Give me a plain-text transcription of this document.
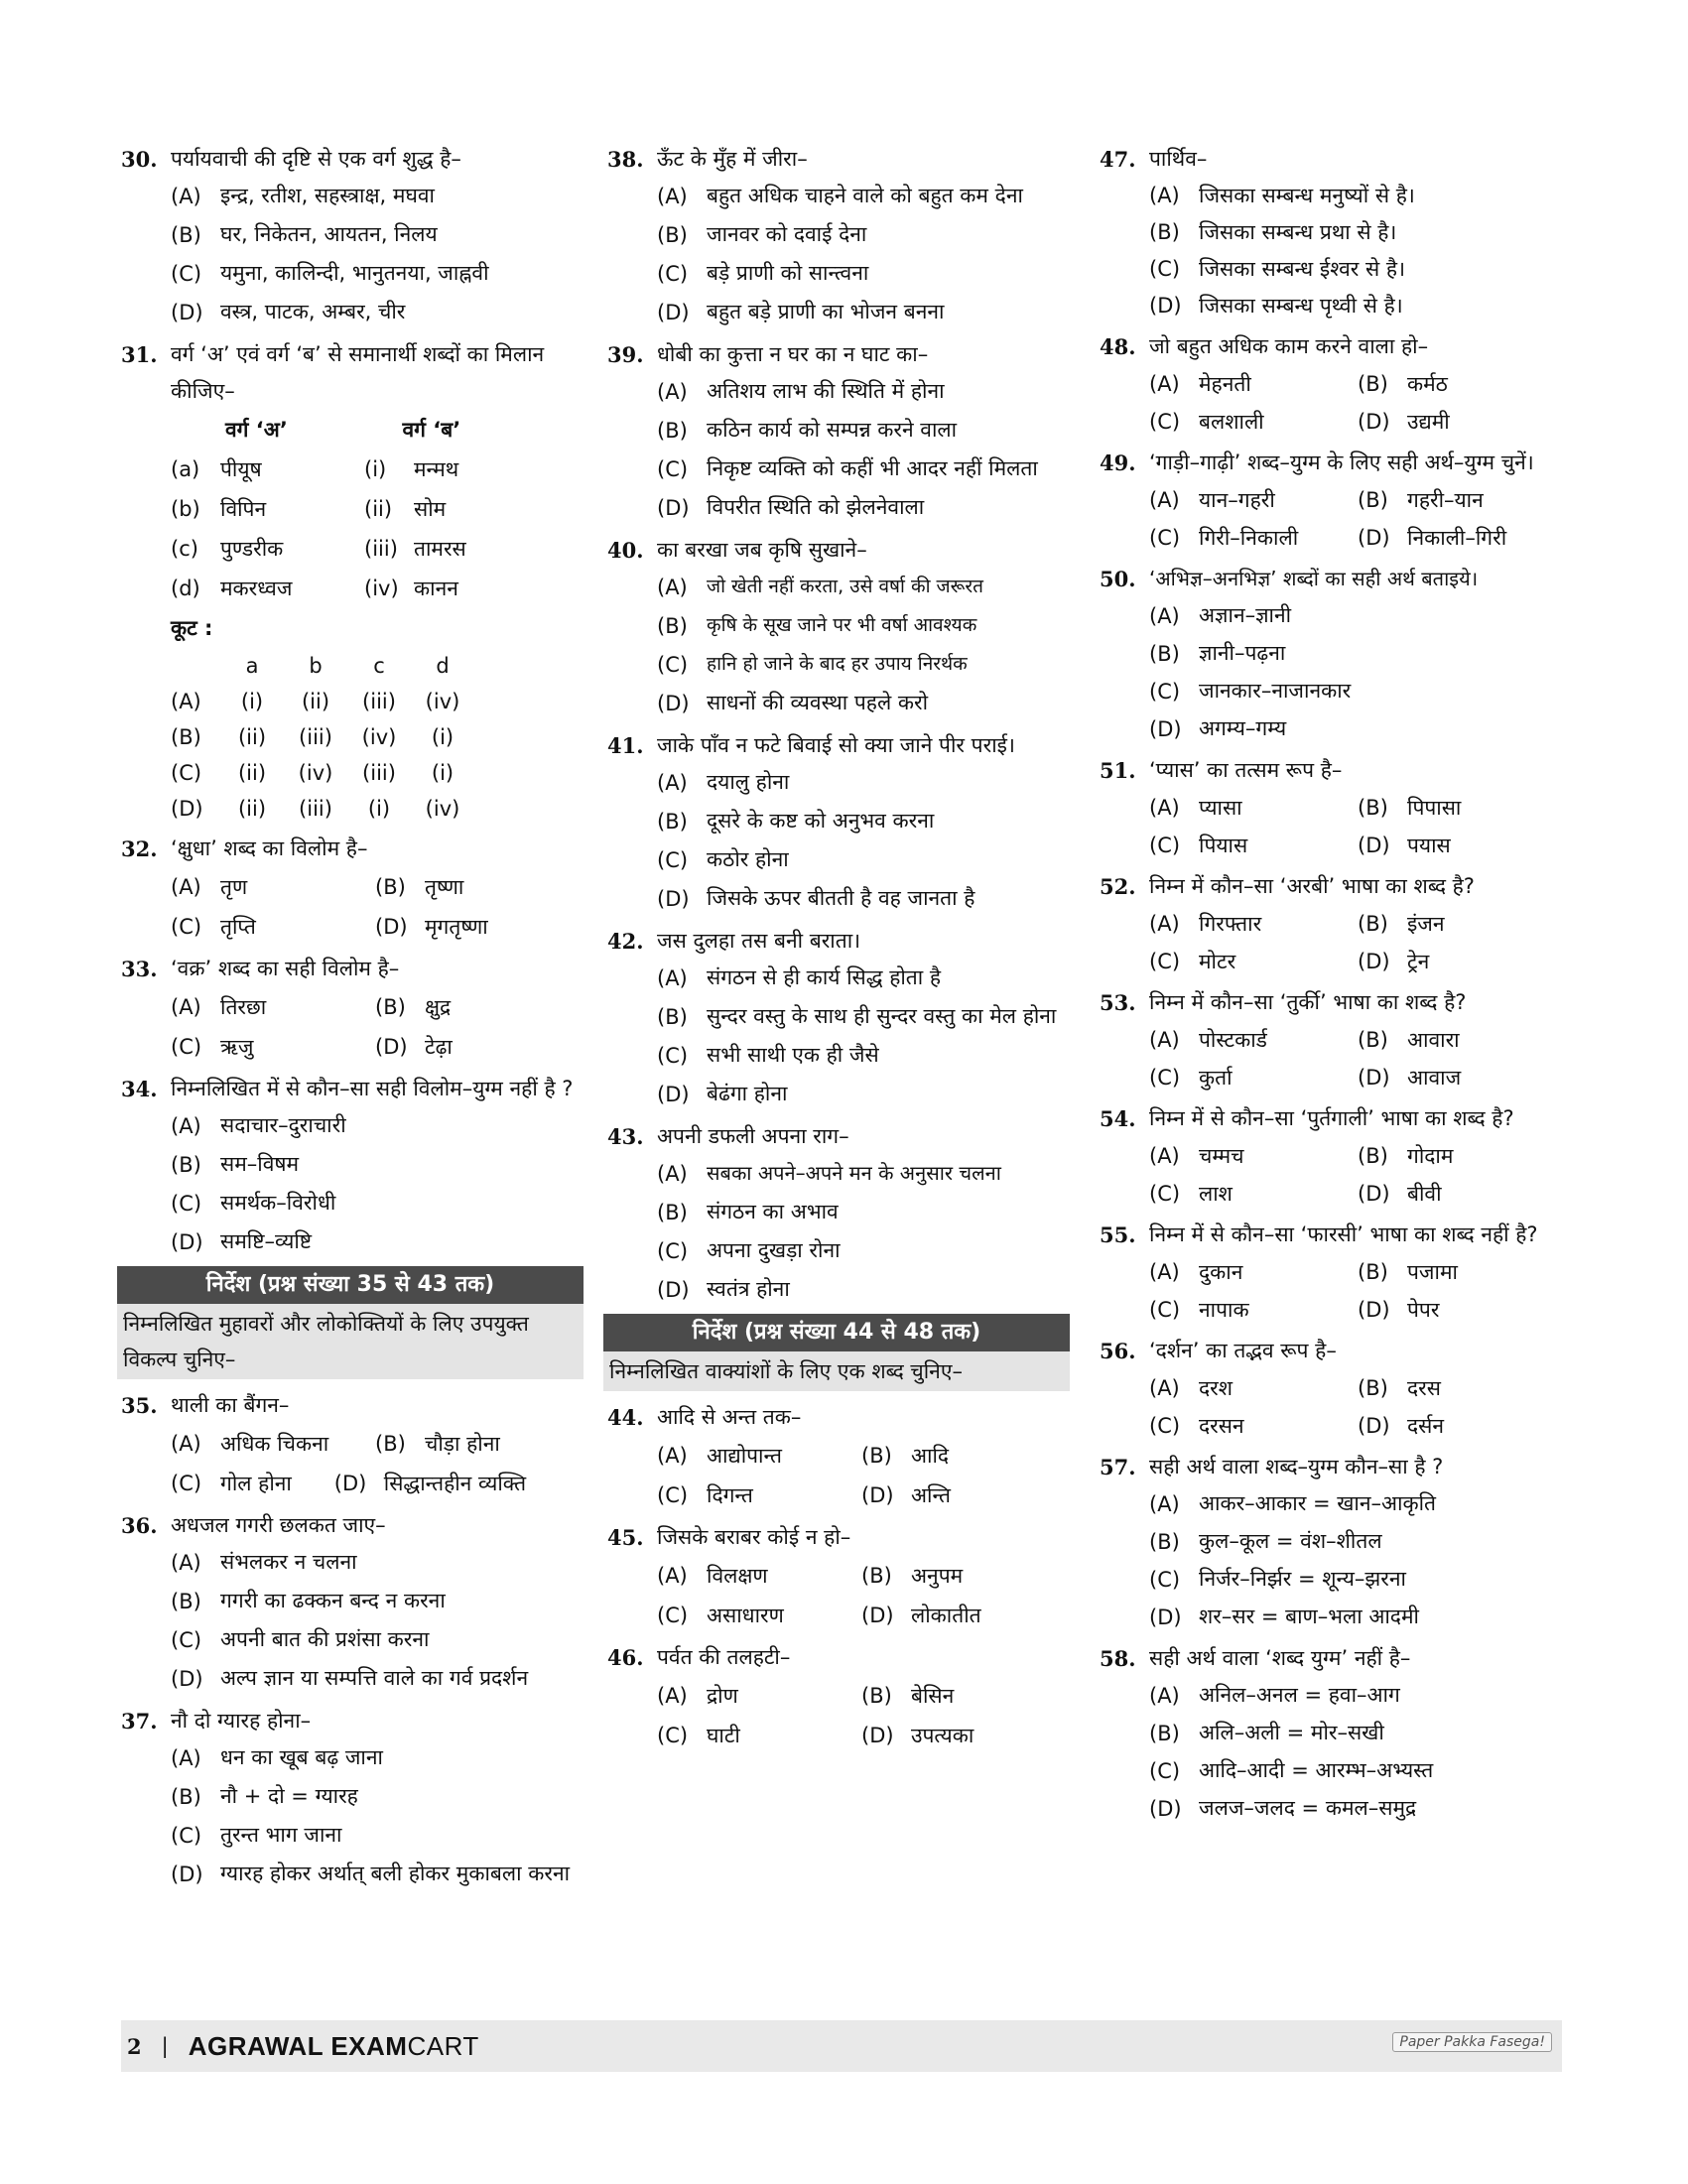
30. पर्यायवाची की दृष्टि से एक वर्ग शुद्ध है–
(A) इन्द्र, रतीश, सहस्त्राक्ष, मघवा
(B) घर, निकेतन, आयतन, निलय
(C) यमुना, कालिन्दी, भानुतनया, जाह्नवी
(D) वस्त्र, पाटक, अम्बर, चीर
31. वर्ग ‘अ’ एवं वर्ग ‘ब’ से समानार्थी शब्दों का मिलान कीजिए–
वर्ग ‘अ’	वर्ग ‘ब’
(a) पीयूष	(i)	मन्मथ
(b) विपिन	(ii)	सोम
(c)	पुण्डरीक	(iii) तामरस
(d) मकरध्वज	(iv) कानन
कूट :
a	b	c	d
(A)	(i)	(ii)	(iii)	(iv)
(B)	(ii)	(iii)	(iv)	(i)
(C)	(ii)	(iv)	(iii)	(i)
(D)	(ii)	(iii)	(i)	(iv)
32. ‘क्षुधा’ शब्द का विलोम है–
(A) तृण	(B) तृष्णा
(C) तृप्ति	(D) मृगतृष्णा
33. ‘वक्र’ शब्द का सही विलोम है–
(A) तिरछा	(B) क्षुद्र
(C) ऋजु	(D) टेढ़ा
34. निम्नलिखित में से कौन–सा सही विलोम–युग्म नहीं है ?
(A) सदाचार–दुराचारी
(B) सम–विषम
(C) समर्थक–विरोधी
(D) समष्टि–व्यष्टि
निर्देश (प्रश्न संख्या 35 से 43 तक)
निम्नलिखित मुहावरों और लोकोक्तियों के लिए उपयुक्त विकल्प चुनिए–
35. थाली का बैंगन–
(A) अधिक चिकना (B) चौड़ा होना
(C) गोल होना (D) सिद्धान्तहीन व्यक्ति
36. अधजल गगरी छलकत जाए–
(A) संभलकर न चलना
(B) गगरी का ढक्कन बन्द न करना
(C) अपनी बात की प्रशंसा करना
(D) अल्प ज्ञान या सम्पत्ति वाले का गर्व प्रदर्शन
37. नौ दो ग्यारह होना–
(A) धन का खूब बढ़ जाना
(B) नौ + दो = ग्यारह
(C) तुरन्त भाग जाना
(D) ग्यारह होकर अर्थात् बली होकर मुकाबला करना
38. ऊँट के मुँह में जीरा–
(A) बहुत अधिक चाहने वाले को बहुत कम देना
(B) जानवर को दवाई देना
(C) बड़े प्राणी को सान्त्वना
(D) बहुत बड़े प्राणी का भोजन बनना
39. धोबी का कुत्ता न घर का न घाट का–
(A) अतिशय लाभ की स्थिति में होना
(B) कठिन कार्य को सम्पन्न करने वाला
(C) निकृष्ट व्यक्ति को कहीं भी आदर नहीं मिलता
(D) विपरीत स्थिति को झेलनेवाला
40. का बरखा जब कृषि सुखाने–
(A)	जो खेती नहीं करता, उसे वर्षा की जरूरत
(B)	कृषि के सूख जाने पर भी वर्षा आवश्यक
(C) हानि हो जाने के बाद हर उपाय निरर्थक
(D) साधनों की व्यवस्था पहले करो
41. जाके पाँव न फटे बिवाई सो क्या जाने पीर पराई।
(A) दयालु होना
(B) दूसरे के कष्ट को अनुभव करना
(C) कठोर होना
(D) जिसके ऊपर बीतती है वह जानता है
42. जस दुलहा तस बनी बराता।
(A) संगठन से ही कार्य सिद्ध होता है
(B) सुन्दर वस्तु के साथ ही सुन्दर वस्तु का मेल होना
(C) सभी साथी एक ही जैसे
(D) बेढंगा होना
43. अपनी डफली अपना राग–
(A) सबका अपने–अपने मन के अनुसार चलना
(B) संगठन का अभाव
(C) अपना दुखड़ा रोना
(D) स्वतंत्र होना
निर्देश (प्रश्न संख्या 44 से 48 तक)
निम्नलिखित वाक्यांशों के लिए एक शब्द चुनिए–
44. आदि से अन्त तक–
(A) आद्योपान्त	(B) आदि
(C) दिगन्त	(D) अन्ति
45. जिसके बराबर कोई न हो–
(A) विलक्षण	(B) अनुपम
(C) असाधारण	(D) लोकातीत
46. पर्वत की तलहटी–
(A) द्रोण	(B) बेसिन
(C) घाटी	(D) उपत्यका
47. पार्थिव–
(A) जिसका सम्बन्ध मनुष्यों से है।
(B) जिसका सम्बन्ध प्रथा से है।
(C) जिसका सम्बन्ध ईश्वर से है।
(D) जिसका सम्बन्ध पृथ्वी से है।
48. जो बहुत अधिक काम करने वाला हो–
(A) मेहनती	(B) कर्मठ
(C) बलशाली	(D) उद्यमी
49. ‘गाड़ी–गाढ़ी’ शब्द–युग्म के लिए सही अर्थ–युग्म चुनें।
(A) यान–गहरी	(B) गहरी–यान
(C) गिरी–निकाली	(D) निकाली–गिरी
50. ‘अभिज्ञ–अनभिज्ञ’ शब्दों का सही अर्थ बताइये।
(A) अज्ञान–ज्ञानी
(B) ज्ञानी–पढ़ना
(C) जानकार–नाजानकार
(D) अगम्य–गम्य
51. ‘प्यास’ का तत्सम रूप है–
(A) प्यासा	(B) पिपासा
(C) पियास	(D) पयास
52. निम्न में कौन–सा ‘अरबी’ भाषा का शब्द है?
(A) गिरफ्तार	(B) इंजन
(C) मोटर	(D) ट्रेन
53. निम्न में कौन–सा ‘तुर्की’ भाषा का शब्द है?
(A) पोस्टकार्ड	(B) आवारा
(C) कुर्ता	(D) आवाज
54. निम्न में से कौन–सा ‘पुर्तगाली’ भाषा का शब्द है?
(A) चम्मच	(B) गोदाम
(C) लाश	(D) बीवी
55. निम्न में से कौन–सा ‘फारसी’ भाषा का शब्द नहीं है?
(A) दुकान	(B) पजामा
(C) नापाक	(D) पेपर
56. ‘दर्शन’ का तद्भव रूप है–
(A) दरश	(B) दरस
(C) दरसन	(D) दर्सन
57. सही अर्थ वाला शब्द–युग्म कौन–सा है ?
(A) आकर–आकार = खान–आकृति
(B) कुल–कूल = वंश–शीतल
(C) निर्जर–निर्झर = शून्य–झरना
(D) शर–सर = बाण–भला आदमी
58. सही अर्थ वाला ‘शब्द युग्म’ नहीं है–
(A) अनिल–अनल = हवा–आग
(B) अलि–अली = मोर–सखी
(C) आदि–आदी = आरम्भ–अभ्यस्त
(D) जलज–जलद = कमल–समुद्र
2 | AGRAWAL EXAMCART	Paper Pakka Fasega!
